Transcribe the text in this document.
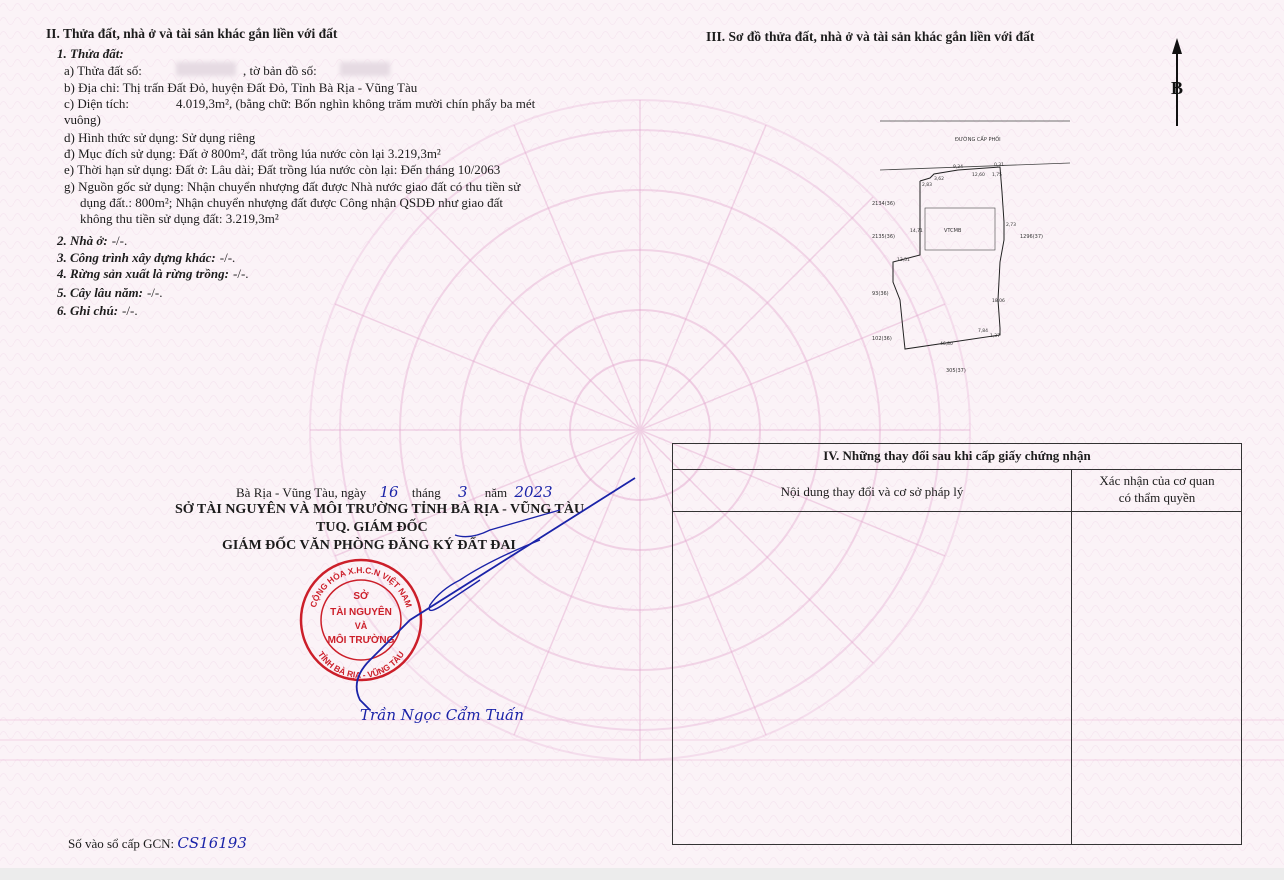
II. Thửa đất, nhà ở và tài sản khác gắn liền với đất
1. Thửa đất:
a) Thửa đất số:	, tờ bản đồ số:
b) Địa chỉ: Thị trấn Đất Đỏ, huyện Đất Đỏ, Tỉnh Bà Rịa - Vũng Tàu
c) Diện tích:	4.019,3m², (bằng chữ: Bốn nghìn không trăm mười chín phẩy ba mét
vuông)
d) Hình thức sử dụng: Sử dụng riêng
đ) Mục đích sử dụng: Đất ở 800m², đất trồng lúa nước còn lại 3.219,3m²
e) Thời hạn sử dụng: Đất ở: Lâu dài; Đất trồng lúa nước còn lại: Đến tháng 10/2063
g) Nguồn gốc sử dụng: Nhận chuyển nhượng đất được Nhà nước giao đất có thu tiền sử
dụng đất.: 800m²; Nhận chuyển nhượng đất được Công nhận QSDĐ như giao đất
không thu tiền sử dụng đất: 3.219,3m²
2. Nhà ở: -/-.
3. Công trình xây dựng khác: -/-.
4. Rừng sản xuất là rừng trồng: -/-.
5. Cây lâu năm: -/-.
6. Ghi chú: -/-.
III. Sơ đồ thửa đất, nhà ở và tài sản khác gắn liền với đất
B
ĐƯỜNG CẤP PHỐI
VTCMB
2134(36)
2135(36)	1296(37)
93(36)
102(36)
305(37)
9,34	0,31
12,60 1,75
2,83
3,62
13,51
14,71
18,06
7,84
1,37
46,80
2,73
IV. Những thay đổi sau khi cấp giấy chứng nhận
Nội dung thay đổi và cơ sở pháp lý
Xác nhận của cơ quan
có thẩm quyền
Bà Rịa - Vũng Tàu, ngày 16 tháng 3 năm 2023
SỞ TÀI NGUYÊN VÀ MÔI TRƯỜNG TỈNH BÀ RỊA - VŨNG TÀU
TUQ. GIÁM ĐỐC
GIÁM ĐỐC VĂN PHÒNG ĐĂNG KÝ ĐẤT ĐAI
CỘNG HÒA X.H.C.N VIỆT NAM
TỈNH BÀ RỊA - VŨNG TÀU
SỞ
TÀI NGUYÊN
VÀ
MÔI TRƯỜNG
Trần Ngọc Cẩm Tuấn
Số vào sổ cấp GCN: CS16193
